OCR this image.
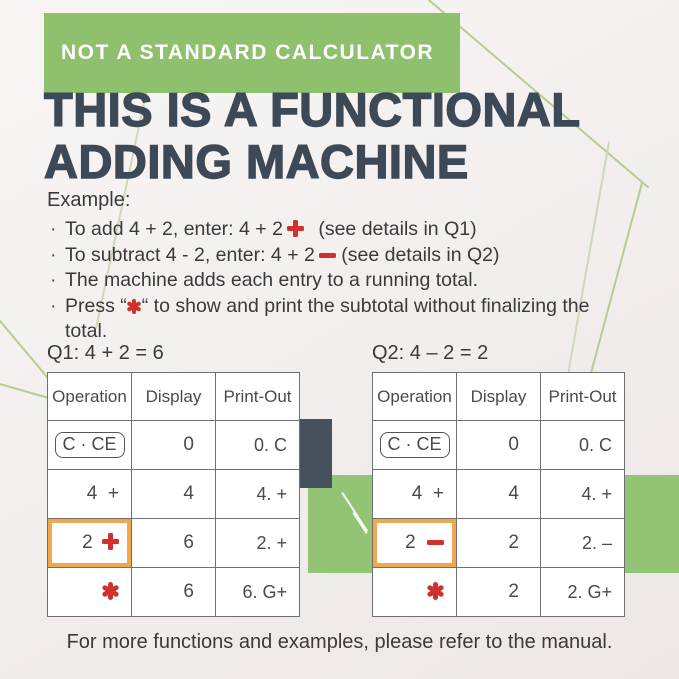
NOT A STANDARD CALCULATOR
THIS IS A FUNCTIONAL
ADDING MACHINE
Example:
· To add 4 + 2, enter: 4 + 2 (see details in Q1)
· To subtract 4 - 2, enter: 4 + 2 (see details in Q2)
· The machine adds each entry to a running total.
· Press “ “ to show and print the subtotal without finalizing the total.
Q1: 4 + 2 = 6
Operation	Display	Print-Out
C · CE	0	0. C
4  +	4	4. +
2	6	2. +

	6	6. G+
Q2: 4 – 2 = 2
Operation	Display	Print-Out
C · CE	0	0. C
4  +	4	4. +
2	2	2. –

	2	2. G+
For more functions and examples, please refer to the manual.
